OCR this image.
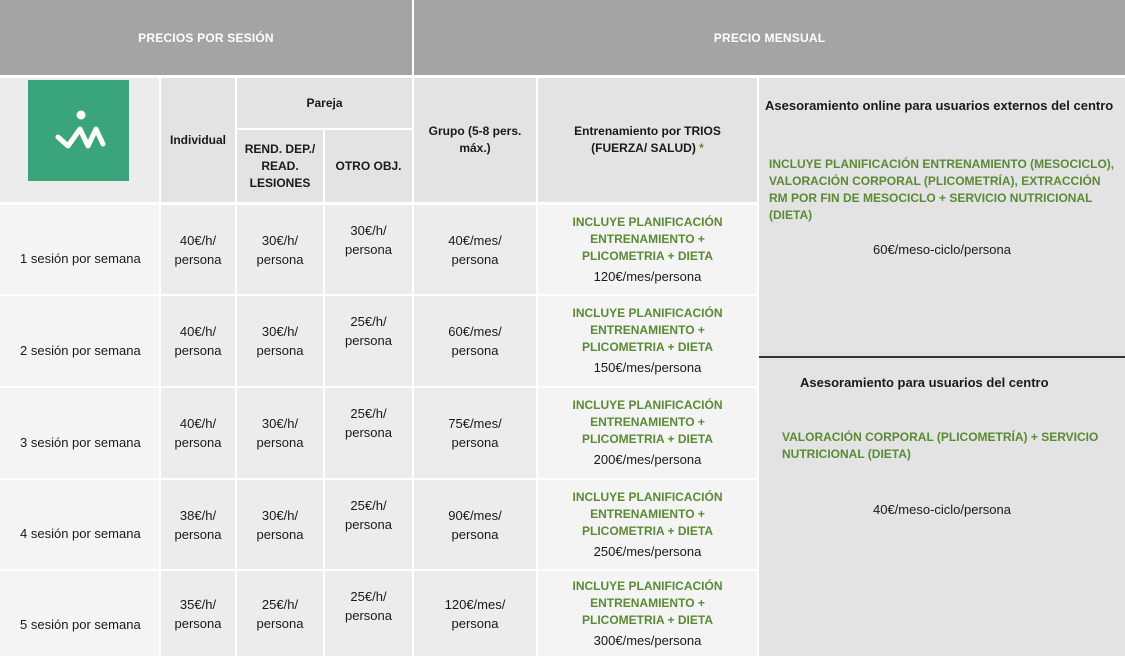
PRECIOS POR SESIÓN	PRECIO MENSUAL
Individual
Pareja
REND. DEP./
READ.
LESIONES
OTRO OBJ.
Grupo (5-8 pers.
máx.)
Entrenamiento por TRIOS
(FUERZA/ SALUD) *
1 sesión por semana
40€/h/
persona
30€/h/
persona
30€/h/
persona
40€/mes/
persona
INCLUYE PLANIFICACIÓN
ENTRENAMIENTO +
PLICOMETRIA + DIETA
120€/mes/persona
2 sesión por semana
40€/h/
persona
30€/h/
persona
25€/h/
persona
60€/mes/
persona
INCLUYE PLANIFICACIÓN
ENTRENAMIENTO +
PLICOMETRIA + DIETA
150€/mes/persona
3 sesión por semana
40€/h/
persona
30€/h/
persona
25€/h/
persona
75€/mes/
persona
INCLUYE PLANIFICACIÓN
ENTRENAMIENTO +
PLICOMETRIA + DIETA
200€/mes/persona
4 sesión por semana
38€/h/
persona
30€/h/
persona
25€/h/
persona
90€/mes/
persona
INCLUYE PLANIFICACIÓN
ENTRENAMIENTO +
PLICOMETRIA + DIETA
250€/mes/persona
5 sesión por semana
35€/h/
persona
25€/h/
persona
25€/h/
persona
120€/mes/
persona
INCLUYE PLANIFICACIÓN
ENTRENAMIENTO +
PLICOMETRIA + DIETA
300€/mes/persona
Asesoramiento online para usuarios externos del centro
INCLUYE PLANIFICACIÓN ENTRENAMIENTO (MESOCICLO),
VALORACIÓN CORPORAL (PLICOMETRÍA), EXTRACCIÓN
RM POR FIN DE MESOCICLO + SERVICIO NUTRICIONAL
(DIETA)
60€/meso-ciclo/persona
Asesoramiento para usuarios del centro
VALORACIÓN CORPORAL (PLICOMETRÍA) + SERVICIO
NUTRICIONAL (DIETA)
40€/meso-ciclo/persona
